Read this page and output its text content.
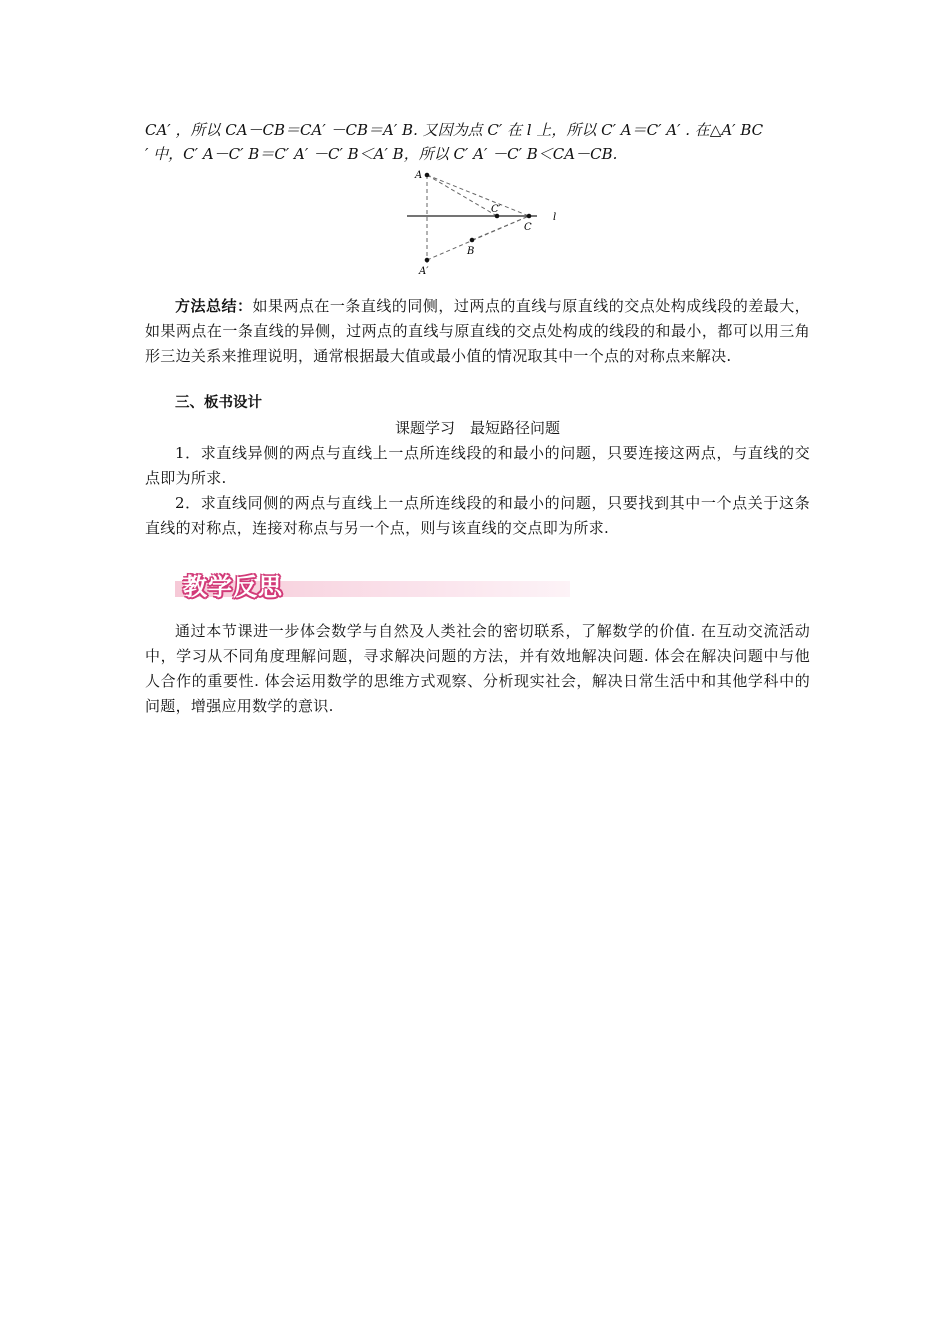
CA′ ，所以 CA－CB＝CA′ －CB＝A′ B. 又因为点 C′ 在 l 上，所以 C′ A＝C′ A′ . 在△A′ BC

′ 中，C′ A－C′ B＝C′ A′ －C′ B＜A′ B，所以 C′ A′ －C′ B＜CA－CB.

A
C′
C
l
B
A′

方法总结：如果两点在一条直线的同侧，过两点的直线与原直线的交点处构成线段的差最大，如果两点在一条直线的异侧，过两点的直线与原直线的交点处构成的线段的和最小，都可以用三角形三边关系来推理说明，通常根据最大值或最小值的情况取其中一个点的对称点来解决.

三、板书设计

课题学习　最短路径问题

1．求直线异侧的两点与直线上一点所连线段的和最小的问题，只要连接这两点，与直线的交点即为所求.

2．求直线同侧的两点与直线上一点所连线段的和最小的问题，只要找到其中一个点关于这条直线的对称点，连接对称点与另一个点，则与该直线的交点即为所求.

教学反思

通过本节课进一步体会数学与自然及人类社会的密切联系，了解数学的价值. 在互动交流活动中，学习从不同角度理解问题，寻求解决问题的方法，并有效地解决问题. 体会在解决问题中与他人合作的重要性. 体会运用数学的思维方式观察、分析现实社会，解决日常生活中和其他学科中的问题，增强应用数学的意识.
